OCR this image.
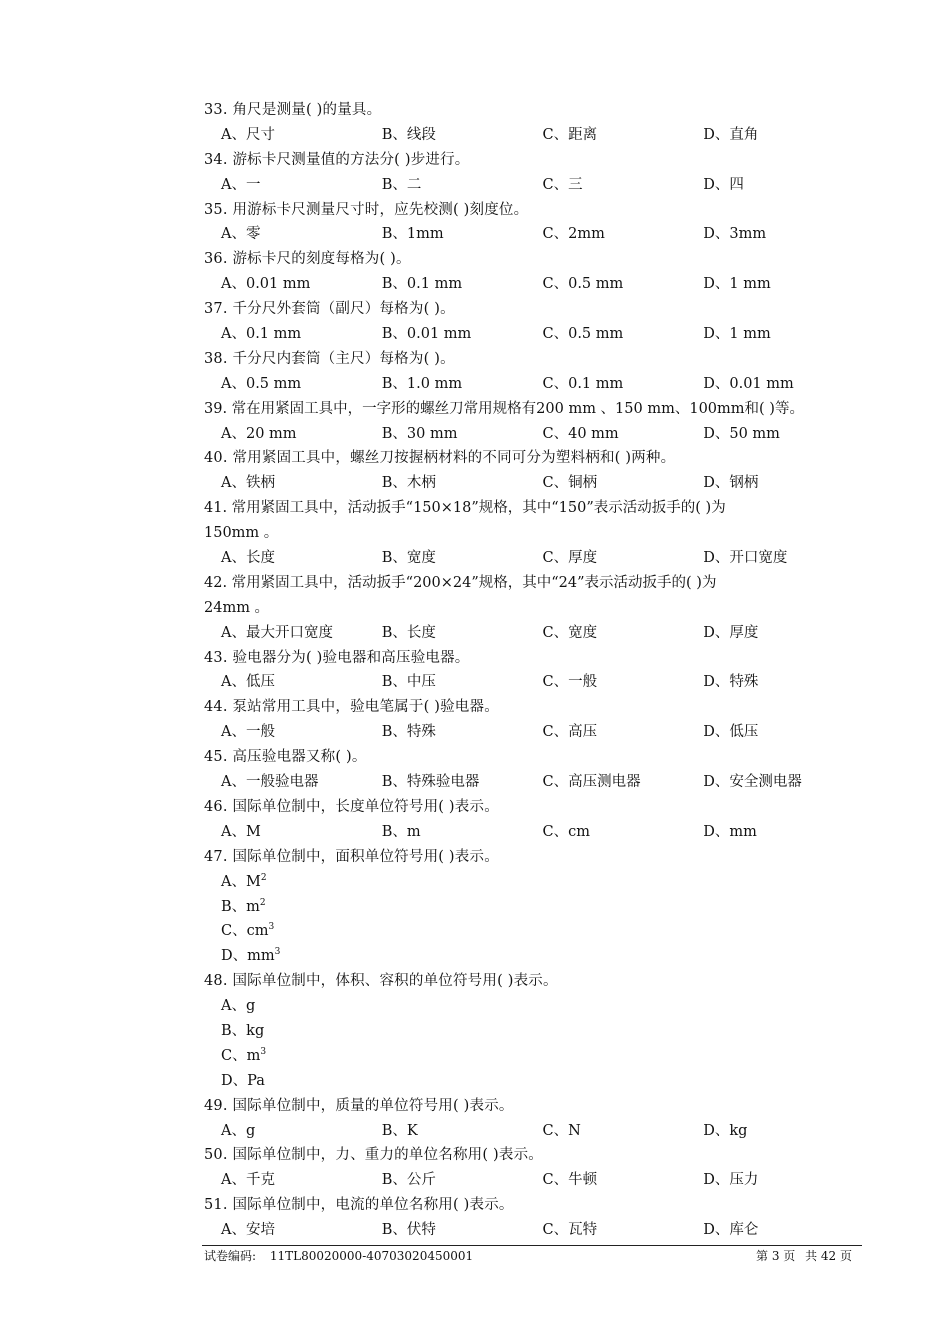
33. 角尺是测量( )的量具。
A、尺寸	B、线段	C、距离	D、直角
34. 游标卡尺测量值的方法分( )步进行。
A、一	B、二	C、三	D、四
35. 用游标卡尺测量尺寸时，应先校测( )刻度位。
A、零	B、1mm	C、2mm	D、3mm
36. 游标卡尺的刻度每格为( )。
A、0.01 mm	B、0.1 mm	C、0.5 mm	D、1 mm
37. 千分尺外套筒（副尺）每格为( )。
A、0.1 mm	B、0.01 mm	C、0.5 mm	D、1 mm
38. 千分尺内套筒（主尺）每格为( )。
A、0.5 mm	B、1.0 mm	C、0.1 mm	D、0.01 mm
39. 常在用紧固工具中，一字形的螺丝刀常用规格有200 mm 、150 mm、100mm和( )等。
A、20 mm	B、30 mm	C、40 mm	D、50 mm
40. 常用紧固工具中，螺丝刀按握柄材料的不同可分为塑料柄和( )两种。
A、铁柄	B、木柄	C、铜柄	D、钢柄
41. 常用紧固工具中，活动扳手“150×18”规格，其中“150”表示活动扳手的( )为
150mm 。
A、长度	B、宽度	C、厚度	D、开口宽度
42. 常用紧固工具中，活动扳手“200×24”规格，其中“24”表示活动扳手的( )为
24mm 。
A、最大开口宽度	B、长度	C、宽度	D、厚度
43. 验电器分为( )验电器和高压验电器。
A、低压	B、中压	C、一般	D、特殊
44. 泵站常用工具中，验电笔属于( )验电器。
A、一般	B、特殊	C、高压	D、低压
45. 高压验电器又称( )。
A、一般验电器	B、特殊验电器	C、高压测电器	D、安全测电器
46. 国际单位制中，长度单位符号用( )表示。
A、M	B、m	C、cm	D、mm
47. 国际单位制中，面积单位符号用( )表示。
A、$M^2$
B、$m^2$
C、$cm^3$
D、$mm^3$
48. 国际单位制中，体积、容积的单位符号用( )表示。
A、g
B、kg
C、$m^3$
D、Pa
49. 国际单位制中，质量的单位符号用( )表示。
A、g	B、K	C、N	D、kg
50. 国际单位制中，力、重力的单位名称用( )表示。
A、千克	B、公斤	C、牛顿	D、压力
51. 国际单位制中，电流的单位名称用( )表示。
A、安培	B、伏特	C、瓦特	D、库仑
试卷编码: 11TL80020000-40703020450001	第 3 页 共 42 页
